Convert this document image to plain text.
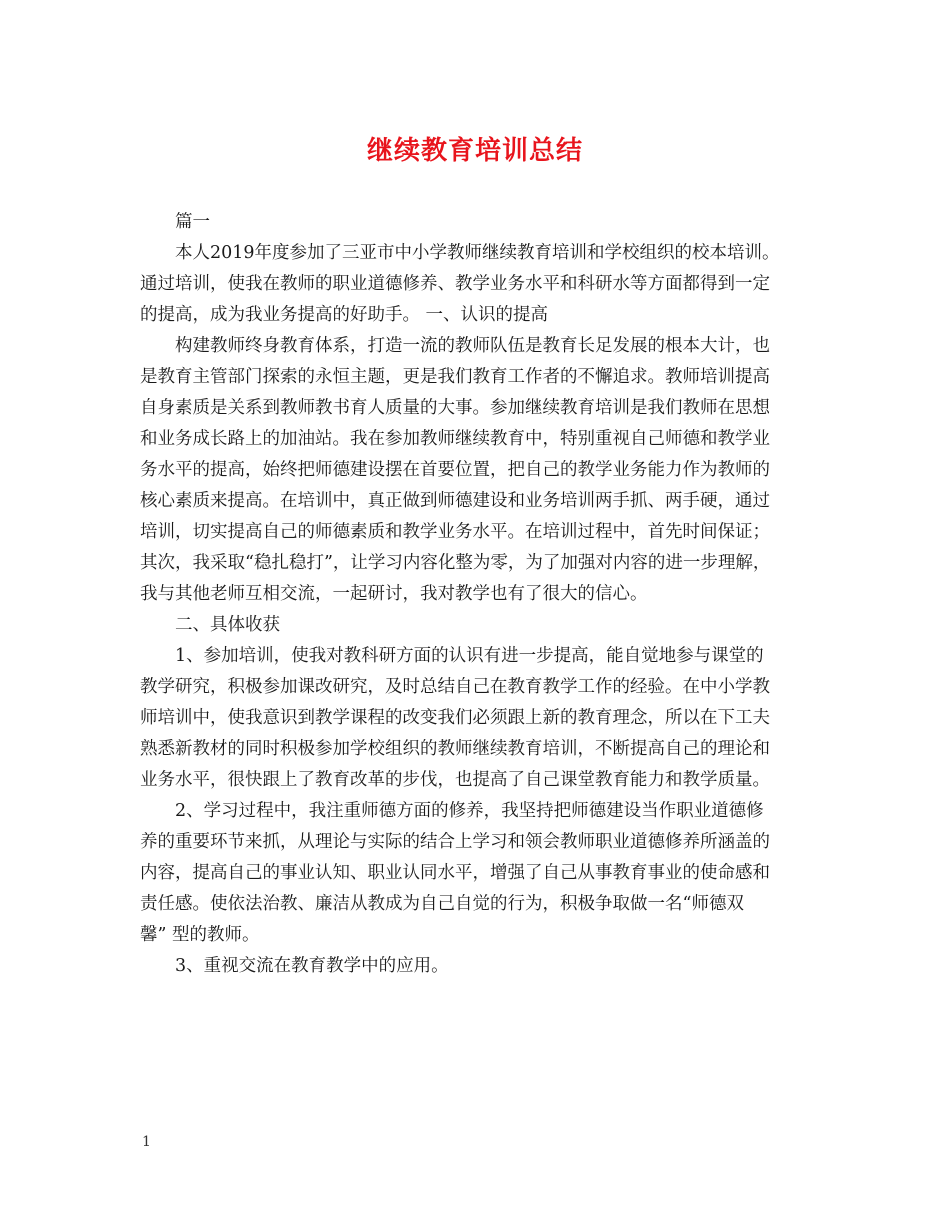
继续教育培训总结
篇一
本人2019年度参加了三亚市中小学教师继续教育培训和学校组织的校本培训。
通过培训，使我在教师的职业道德修养、教学业务水平和科研水等方面都得到一定
的提高，成为我业务提高的好助手。 一、认识的提高
构建教师终身教育体系，打造一流的教师队伍是教育长足发展的根本大计，也
是教育主管部门探索的永恒主题，更是我们教育工作者的不懈追求。教师培训提高
自身素质是关系到教师教书育人质量的大事。参加继续教育培训是我们教师在思想
和业务成长路上的加油站。我在参加教师继续教育中，特别重视自己师德和教学业
务水平的提高，始终把师德建设摆在首要位置，把自己的教学业务能力作为教师的
核心素质来提高。在培训中，真正做到师德建设和业务培训两手抓、两手硬，通过
培训，切实提高自己的师德素质和教学业务水平。在培训过程中，首先时间保证；
其次，我采取“稳扎稳打”，让学习内容化整为零，为了加强对内容的进一步理解，
我与其他老师互相交流，一起研讨，我对教学也有了很大的信心。
二、具体收获
1、参加培训，使我对教科研方面的认识有进一步提高，能自觉地参与课堂的
教学研究，积极参加课改研究，及时总结自己在教育教学工作的经验。在中小学教
师培训中，使我意识到教学课程的改变我们必须跟上新的教育理念，所以在下工夫
熟悉新教材的同时积极参加学校组织的教师继续教育培训，不断提高自己的理论和
业务水平，很快跟上了教育改革的步伐，也提高了自己课堂教育能力和教学质量。
2、学习过程中，我注重师德方面的修养，我坚持把师德建设当作职业道德修
养的重要环节来抓，从理论与实际的结合上学习和领会教师职业道德修养所涵盖的
内容，提高自己的事业认知、职业认同水平，增强了自己从事教育事业的使命感和
责任感。使依法治教、廉洁从教成为自己自觉的行为，积极争取做一名“师德双
馨” 型的教师。
3、重视交流在教育教学中的应用。
1
